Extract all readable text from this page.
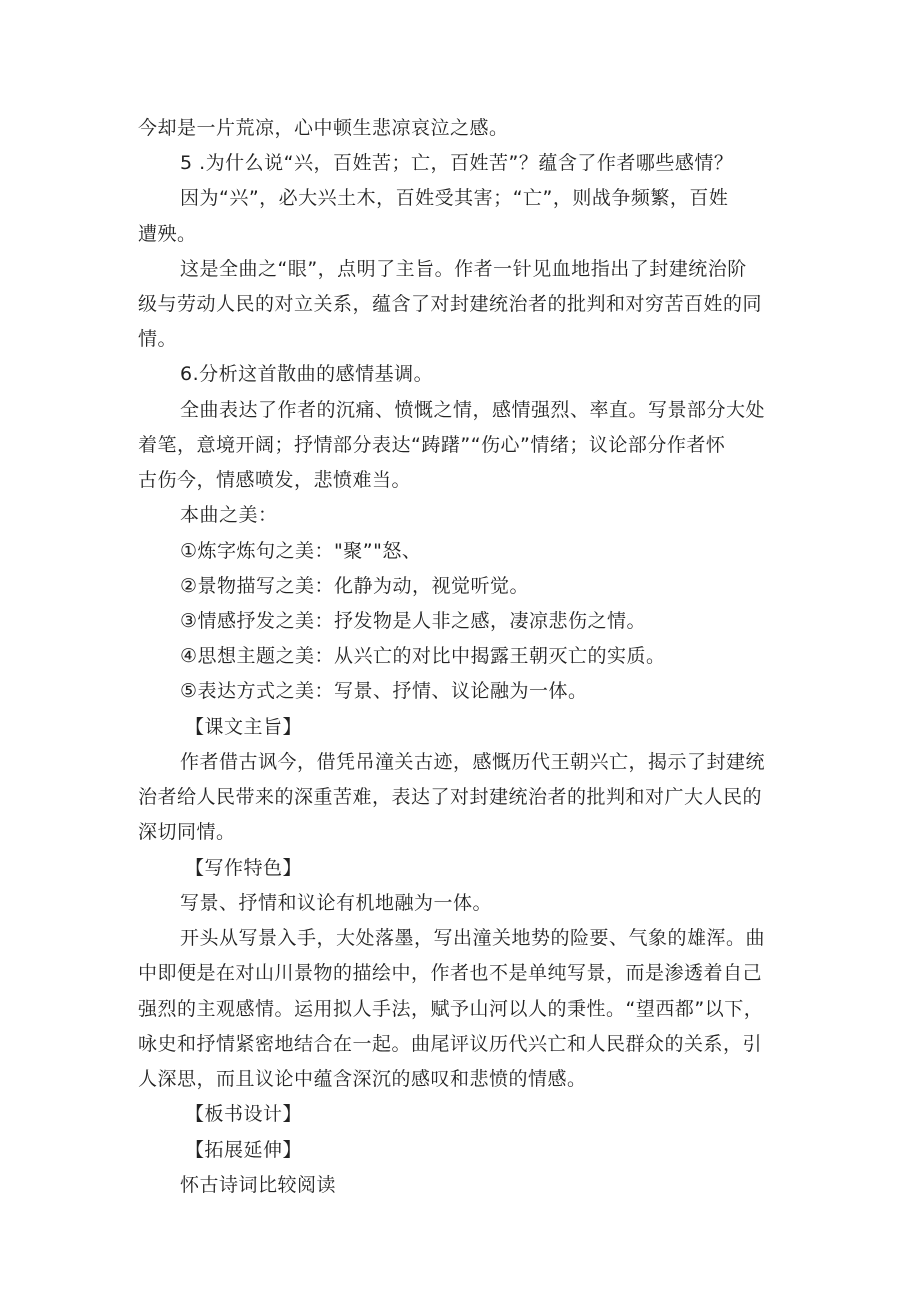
今却是一片荒凉，心中顿生悲凉哀泣之感。
5 .为什么说“兴，百姓苦；亡，百姓苦”？蕴含了作者哪些感情？
因为“兴”，必大兴土木，百姓受其害；“亡”，则战争频繁，百姓
遭殃。
这是全曲之“眼”，点明了主旨。作者一针见血地指出了封建统治阶
级与劳动人民的对立关系，蕴含了对封建统治者的批判和对穷苦百姓的同
情。
6.分析这首散曲的感情基调。
全曲表达了作者的沉痛、愤慨之情，感情强烈、率直。写景部分大处
着笔，意境开阔；抒情部分表达“踌躇”“伤心”情绪；议论部分作者怀
古伤今，情感喷发，悲愤难当。
本曲之美：
①炼字炼句之美："聚”"怒、
②景物描写之美：化静为动，视觉听觉。
③情感抒发之美：抒发物是人非之感，凄凉悲伤之情。
④思想主题之美：从兴亡的对比中揭露王朝灭亡的实质。
⑤表达方式之美：写景、抒情、议论融为一体。
【课文主旨】
作者借古讽今，借凭吊潼关古迹，感慨历代王朝兴亡，揭示了封建统
治者给人民带来的深重苦难，表达了对封建统治者的批判和对广大人民的
深切同情。
【写作特色】
写景、抒情和议论有机地融为一体。
开头从写景入手，大处落墨，写出潼关地势的险要、气象的雄浑。曲
中即便是在对山川景物的描绘中，作者也不是单纯写景，而是渗透着自己
强烈的主观感情。运用拟人手法，赋予山河以人的秉性。“望西都”以下，
咏史和抒情紧密地结合在一起。曲尾评议历代兴亡和人民群众的关系，引
人深思，而且议论中蕴含深沉的感叹和悲愤的情感。
【板书设计】
【拓展延伸】
怀古诗词比较阅读
